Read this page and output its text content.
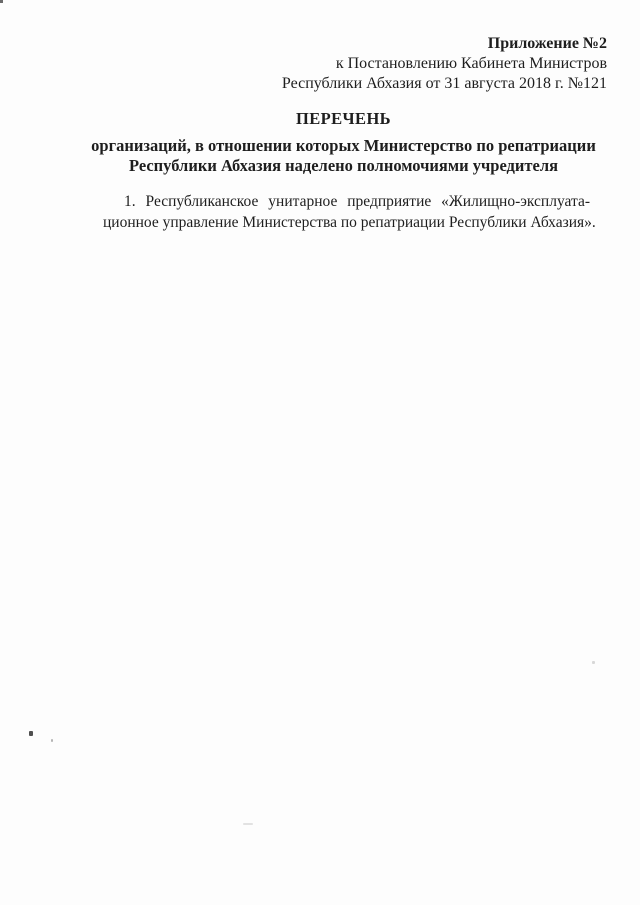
Приложение №2
к Постановлению Кабинета Министров
Республики Абхазия от 31 августа 2018 г. №121
ПЕРЕЧЕНЬ
организаций, в отношении которых Министерство по репатриации
Республики Абхазия наделено полномочиями учредителя
1. Республиканское унитарное предприятие «Жилищно-эксплуата-
ционное управление Министерства по репатриации Республики Абхазия».
